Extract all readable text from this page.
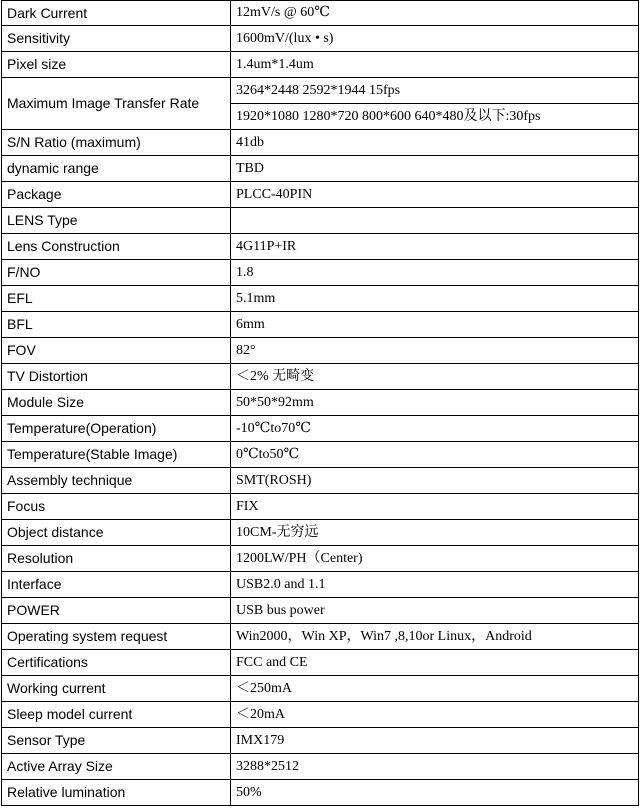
Dark Current	12mV/s @ 60℃
Sensitivity	1600mV/(lux • s)
Pixel size	1.4um*1.4um
Maximum Image Transfer Rate	3264*2448 2592*1944 15fps
	1920*1080 1280*720 800*600 640*480及以下:30fps
S/N Ratio (maximum)	41db
dynamic range	TBD
Package	PLCC-40PIN
LENS Type	
Lens Construction	4G11P+IR
F/NO	1.8
EFL	5.1mm
BFL	6mm
FOV	82°
TV Distortion	＜2% 无畸变
Module Size	50*50*92mm
Temperature(Operation)	-10℃to70℃
Temperature(Stable Image)	0℃to50℃
Assembly technique	SMT(ROSH)
Focus	FIX
Object distance	10CM-无穷远
Resolution	1200LW/PH（Center)
Interface	USB2.0 and 1.1
POWER	USB bus power
Operating system request	Win2000，Win XP，Win7 ,8,10or Linux，Android
Certifications	FCC and CE
Working current	＜250mA
Sleep model current	＜20mA
Sensor Type	IMX179
Active Array Size	3288*2512
Relative lumination	50%
